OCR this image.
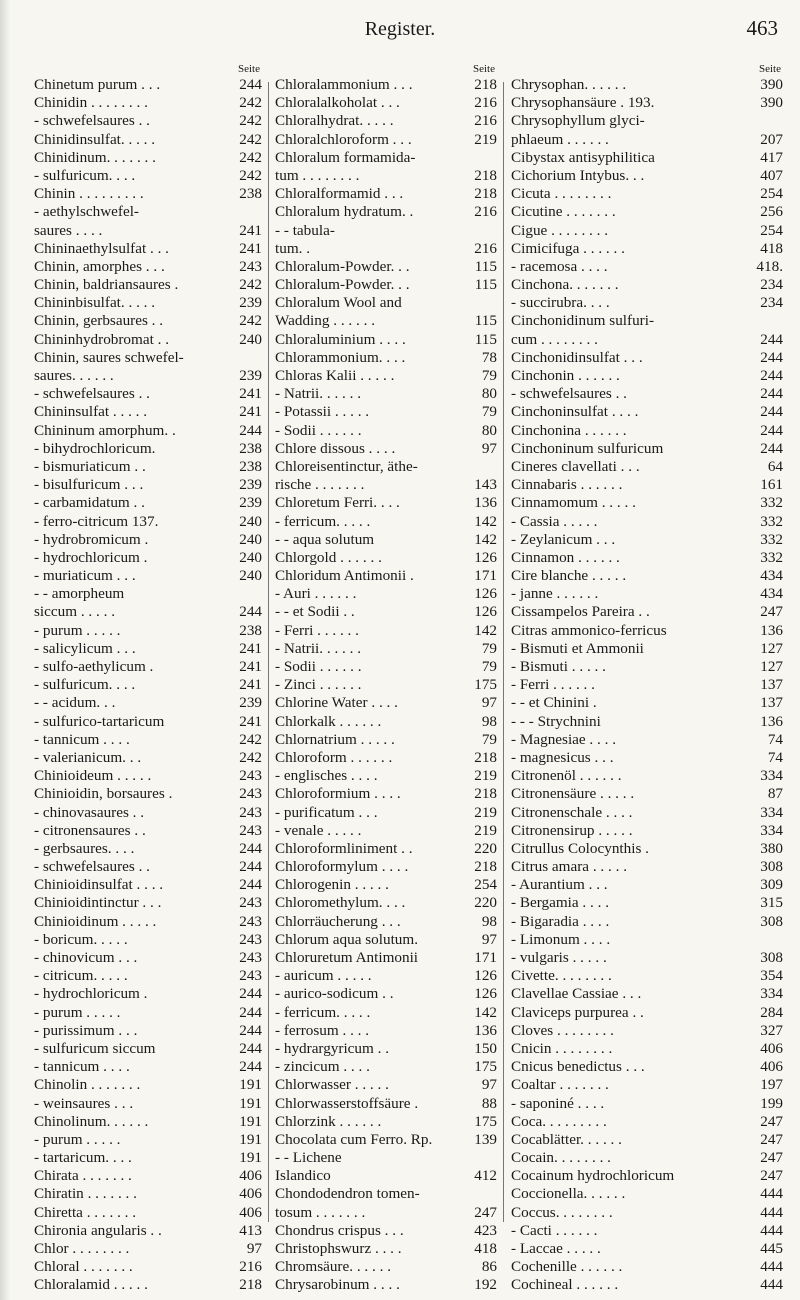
Register.	463
Seite
Chinetum purum . . .	244
Chinidin . . . . . . . .	242
- schwefelsaures . .	242
Chinidinsulfat. . . . .	242
Chinidinum. . . . . . .	242
- sulfuricum. . . .	242
Chinin . . . . . . . . .	238
- aethylschwefel-
saures . . . .	241
Chininaethylsulfat . . .	241
Chinin, amorphes . . .	243
Chinin, baldriansaures .	242
Chininbisulfat. . . . .	239
Chinin, gerbsaures . .	242
Chininhydrobromat . .	240
Chinin, saures schwefel-
saures. . . . . .	239
- schwefelsaures . .	241
Chininsulfat . . . . .	241
Chininum amorphum. .	244
- bihydrochloricum.	238
- bismuriaticum . .	238
- bisulfuricum . . .	239
- carbamidatum . .	239
- ferro-citricum 137.	240
- hydrobromicum .	240
- hydrochloricum .	240
- muriaticum . . .	240
- - amorpheum
siccum . . . . .	244
- purum . . . . .	238
- salicylicum . . .	241
- sulfo-aethylicum .	241
- sulfuricum. . . .	241
- - acidum. . .	239
- sulfurico-tartaricum	241
- tannicum . . . .	242
- valerianicum. . .	242
Chinioideum . . . . .	243
Chinioidin, borsaures .	243
- chinovasaures . .	243
- citronensaures . .	243
- gerbsaures. . . .	244
- schwefelsaures . .	244
Chinioidinsulfat . . . .	244
Chinioidintinctur . . .	243
Chinioidinum . . . . .	243
- boricum. . . . .	243
- chinovicum . . .	243
- citricum. . . . .	243
- hydrochloricum .	244
- purum . . . . .	244
- purissimum . . .	244
- sulfuricum siccum	244
- tannicum . . . .	244
Chinolin . . . . . . .	191
- weinsaures . . .	191
Chinolinum. . . . . .	191
- purum . . . . .	191
- tartaricum. . . .	191
Chirata . . . . . . .	406
Chiratin . . . . . . .	406
Chiretta . . . . . . .	406
Chironia angularis . .	413
Chlor . . . . . . . .	97
Chloral . . . . . . .	216
Chloralamid . . . . .	218
Seite
Chloralammonium . . .	218
Chloralalkoholat . . .	216
Chloralhydrat. . . . .	216
Chloralchloroform . . .	219
Chloralum formamida-
tum . . . . . . . .	218
Chloralformamid . . .	218
Chloralum hydratum. .	216
- - tabula-
tum. .	216
Chloralum-Powder. . .	115
Chloralum-Powder. . .	115
Chloralum Wool and
Wadding . . . . . .	115
Chloraluminium . . . .	115
Chlorammonium. . . .	78
Chloras Kalii . . . . .	79
- Natrii. . . . . .	80
- Potassii . . . . .	79
- Sodii . . . . . .	80
Chlore dissous . . . .	97
Chloreisentinctur, äthe-
rische . . . . . . .	143
Chloretum Ferri. . . .	136
- ferricum. . . . .	142
- - aqua solutum	142
Chlorgold . . . . . .	126
Chloridum Antimonii .	171
- Auri . . . . . .	126
- - et Sodii . .	126
- Ferri . . . . . .	142
- Natrii. . . . . .	79
- Sodii . . . . . .	79
- Zinci . . . . . .	175
Chlorine Water . . . .	97
Chlorkalk . . . . . .	98
Chlornatrium . . . . .	79
Chloroform . . . . . .	218
- englisches . . . .	219
Chloroformium . . . .	218
- purificatum . . .	219
- venale . . . . .	219
Chloroformliniment . .	220
Chloroformylum . . . .	218
Chlorogenin . . . . .	254
Chloromethylum. . . .	220
Chlorräucherung . . .	98
Chlorum aqua solutum.	97
Chloruretum Antimonii	171
- auricum . . . . .	126
- aurico-sodicum . .	126
- ferricum. . . . .	142
- ferrosum . . . .	136
- hydrargyricum . .	150
- zincicum . . . .	175
Chlorwasser . . . . .	97
Chlorwasserstoffsäure .	88
Chlorzink . . . . . .	175
Chocolata cum Ferro. Rp.	139
- - Lichene
Islandico	412
Chondodendron tomen-
tosum . . . . . . .	247
Chondrus crispus . . .	423
Christophswurz . . . .	418
Chromsäure. . . . . .	86
Chrysarobinum . . . .	192
Seite
Chrysophan. . . . . .	390
Chrysophansäure . 193.	390
Chrysophyllum glyci-
phlaeum . . . . . .	207
Cibystax antisyphilitica	417
Cichorium Intybus. . .	407
Cicuta . . . . . . . .	254
Cicutine . . . . . . .	256
Cigue . . . . . . . .	254
Cimicifuga . . . . . .	418
- racemosa . . . .	418.
Cinchona. . . . . . .	234
- succirubra. . . .	234
Cinchonidinum sulfuri-
cum . . . . . . . .	244
Cinchonidinsulfat . . .	244
Cinchonin . . . . . .	244
- schwefelsaures . .	244
Cinchoninsulfat . . . .	244
Cinchonina . . . . . .	244
Cinchoninum sulfuricum	244
Cineres clavellati . . .	64
Cinnabaris . . . . . .	161
Cinnamomum . . . . .	332
- Cassia . . . . .	332
- Zeylanicum . . .	332
Cinnamon . . . . . .	332
Cire blanche . . . . .	434
- janne . . . . . .	434
Cissampelos Pareira . .	247
Citras ammonico-ferricus	136
- Bismuti et Ammonii	127
- Bismuti . . . . .	127
- Ferri . . . . . .	137
- - et Chinini .	137
- - - Strychnini	136
- Magnesiae . . . .	74
- magnesicus . . .	74
Citronenöl . . . . . .	334
Citronensäure . . . . .	87
Citronenschale . . . .	334
Citronensirup . . . . .	334
Citrullus Colocynthis .	380
Citrus amara . . . . .	308
- Aurantium . . .	309
- Bergamia . . . .	315
- Bigaradia . . . .	308
- Limonum . . . .
- vulgaris . . . . .	308
Civette. . . . . . . .	354
Clavellae Cassiae . . .	334
Claviceps purpurea . .	284
Cloves . . . . . . . .	327
Cnicin . . . . . . . .	406
Cnicus benedictus . . .	406
Coaltar . . . . . . .	197
- saponiné . . . .	199
Coca. . . . . . . . .	247
Cocablätter. . . . . .	247
Cocain. . . . . . . .	247
Cocainum hydrochloricum	247
Coccionella. . . . . .	444
Coccus. . . . . . . .	444
- Cacti . . . . . .	444
- Laccae . . . . .	445
Cochenille . . . . . .	444
Cochineal . . . . . .	444
